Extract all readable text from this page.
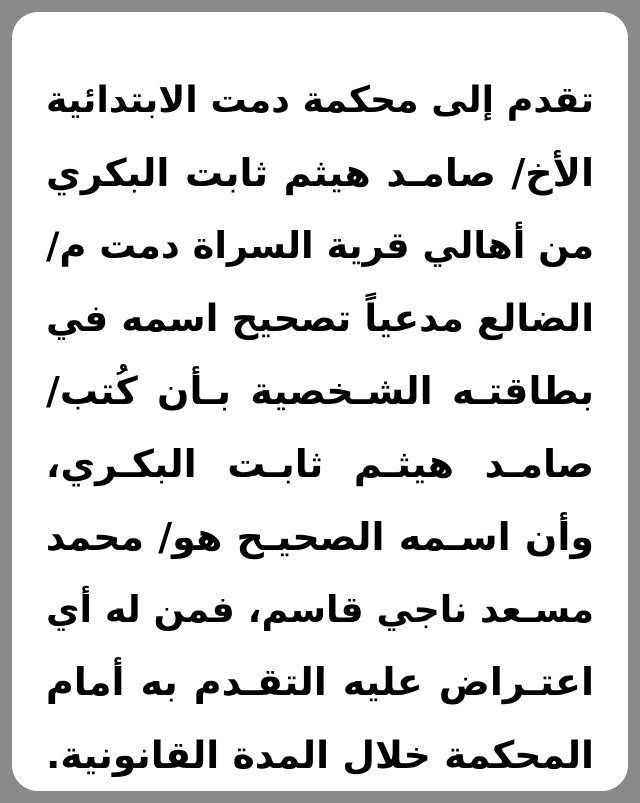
تقدم إلى محكمة دمت الابتدائية
الأخ/ صامـد هيثم ثابت البكري
من أهالي قرية السراة دمت م/
الضالع مدعياً تصحيح اسمه في
بطاقتـه الشـخصية بـأن كُتب/
صامـد هيثـم ثابـت البكـري،
وأن اسـمه الصحيـح هو/ محمد
مسـعد ناجي قاسم، فمن له أي
اعتـراض عليه التقـدم به أمام
المحكمة خلال المدة القانونية.
